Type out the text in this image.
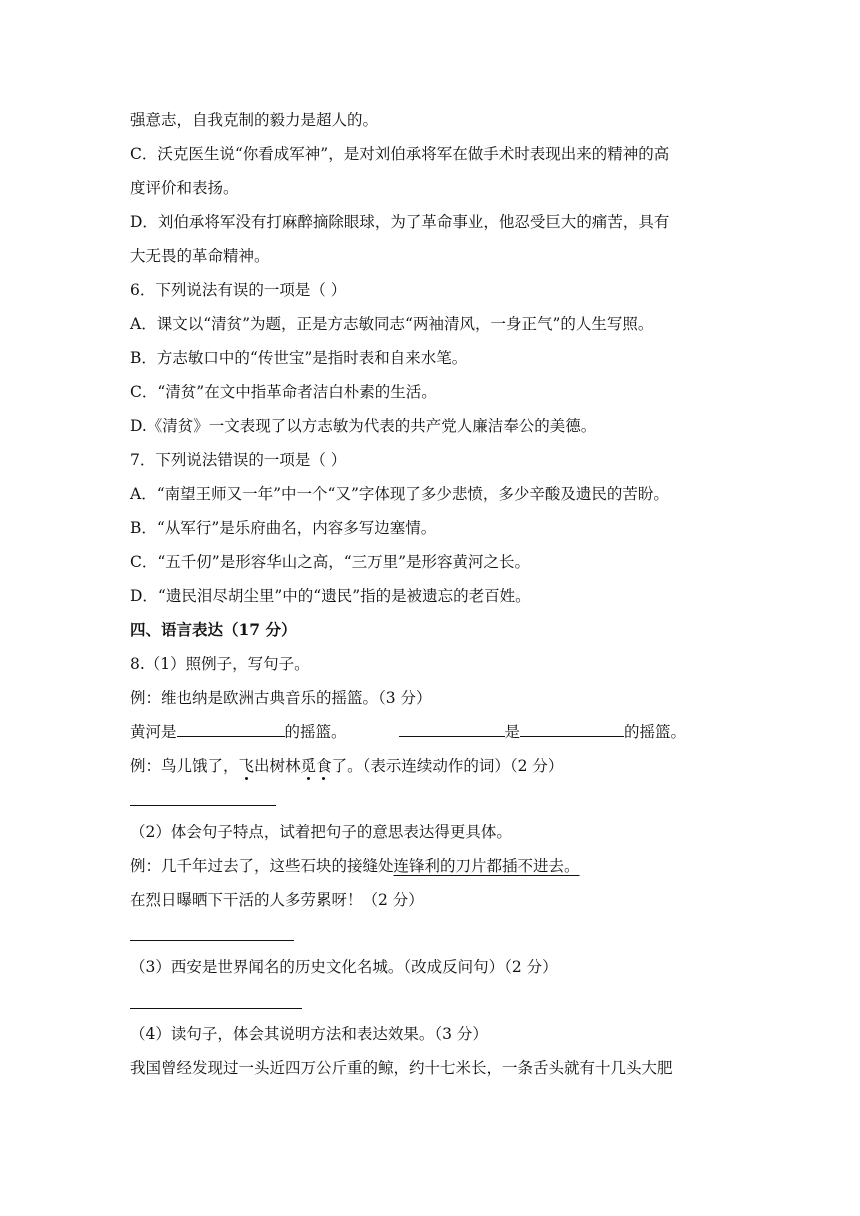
强意志，自我克制的毅力是超人的。
C．沃克医生说“你看成军神”，是对刘伯承将军在做手术时表现出来的精神的高
度评价和表扬。
D．刘伯承将军没有打麻醉摘除眼球，为了革命事业，他忍受巨大的痛苦，具有
大无畏的革命精神。
6．下列说法有误的一项是（ ）
A．课文以“清贫”为题，正是方志敏同志“两袖清风，一身正气”的人生写照。
B．方志敏口中的“传世宝”是指时表和自来水笔。
C．“清贫”在文中指革命者洁白朴素的生活。
D.《清贫》一文表现了以方志敏为代表的共产党人廉洁奉公的美德。
7．下列说法错误的一项是（ ）
A．“南望王师又一年”中一个“又”字体现了多少悲愤，多少辛酸及遗民的苦盼。
B．“从军行”是乐府曲名，内容多写边塞情。
C．“五千仞”是形容华山之高，“三万里”是形容黄河之长。
D．“遗民泪尽胡尘里”中的“遗民”指的是被遗忘的老百姓。
四、语言表达（17 分）
8.（1）照例子，写句子。
例：维也纳是欧洲古典音乐的摇篮。（3 分）
黄河是	的摇篮。	是	的摇篮。
例：鸟儿饿了，飞出树林觅食了。（表示连续动作的词）（2 分）
（2）体会句子特点，试着把句子的意思表达得更具体。
例：几千年过去了，这些石块的接缝处连锋利的刀片都插不进去。
在烈日曝晒下干活的人多劳累呀！（2 分）
（3）西安是世界闻名的历史文化名城。（改成反问句）（2 分）
（4）读句子，体会其说明方法和表达效果。（3 分）
我国曾经发现过一头近四万公斤重的鲸，约十七米长，一条舌头就有十几头大肥
